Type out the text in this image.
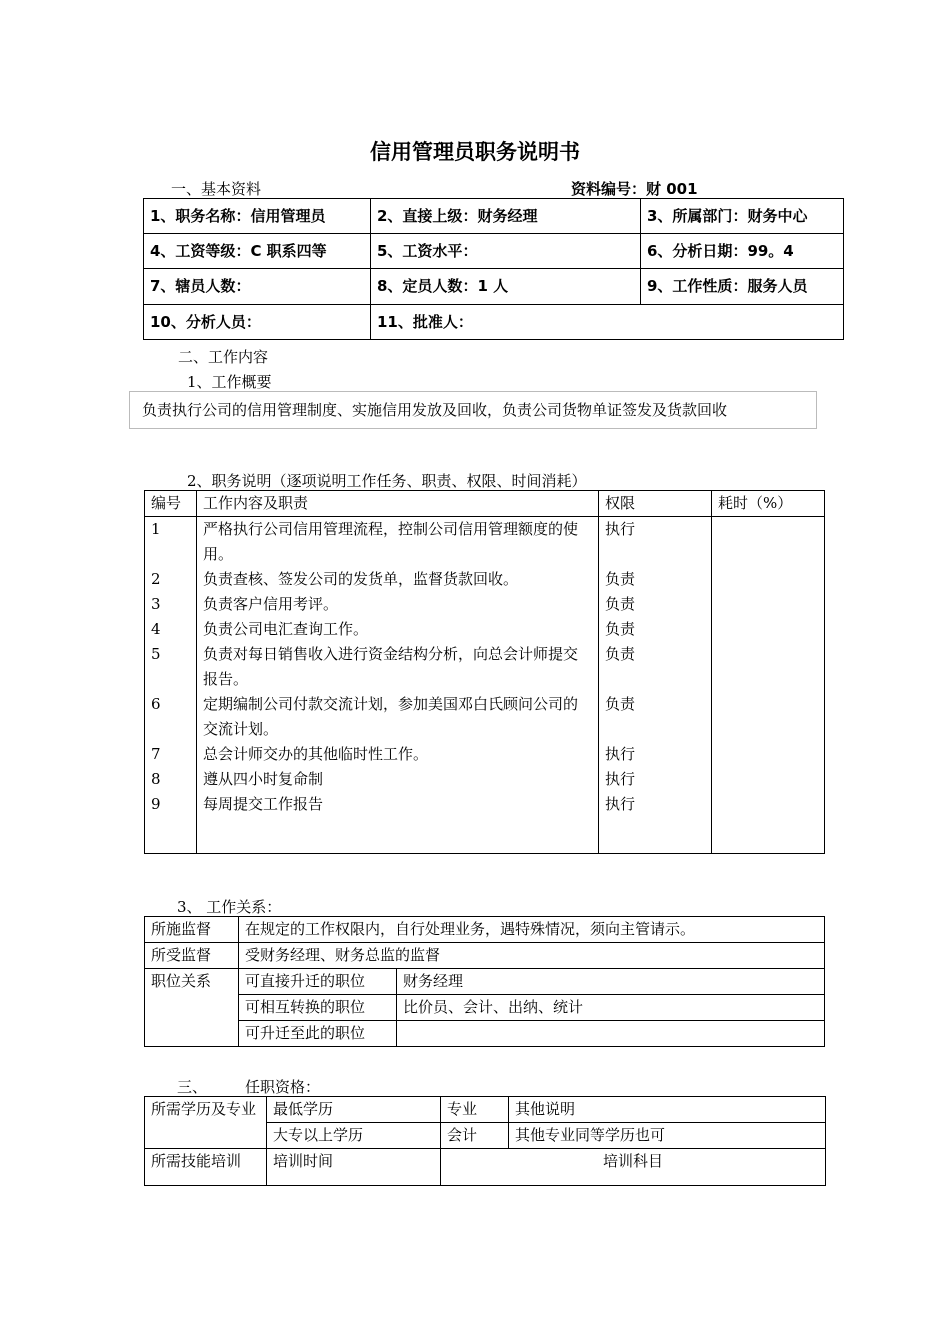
信用管理员职务说明书
一、基本资料	资料编号：财 001
1、职务名称：信用管理员	2、直接上级：财务经理	3、所属部门：财务中心
4、工资等级：C 职系四等	5、工资水平：	6、分析日期：99。4
7、辖员人数：	8、定员人数：1 人	9、工作性质：服务人员
10、分析人员：	11、批准人：	
二、工作内容
1、工作概要
负责执行公司的信用管理制度、实施信用发放及回收，负责公司货物单证签发及货款回收
2、职务说明（逐项说明工作任务、职责、权限、时间消耗）
编号	工作内容及职责	权限	耗时（%）
1	严格执行公司信用管理流程，控制公司信用管理额度的使用。	执行	
2	负责查核、签发公司的发货单，监督货款回收。	负责	
3	负责客户信用考评。	负责	
4	负责公司电汇查询工作。	负责	
5	负责对每日销售收入进行资金结构分析，向总会计师提交报告。	负责	
6	定期编制公司付款交流计划，参加美国邓白氏顾问公司的交流计划。	负责	
7	总会计师交办的其他临时性工作。	执行	
8	遵从四小时复命制	执行	
9	每周提交工作报告	执行	

3、 工作关系：
所施监督	在规定的工作权限内，自行处理业务，遇特殊情况，须向主管请示。	
所受监督	受财务经理、财务总监的监督	
职位关系	可直接升迁的职位	财务经理
	可相互转换的职位	比价员、会计、出纳、统计
	可升迁至此的职位	
三、	任职资格：
所需学历及专业	最低学历	专业	其他说明
	大专以上学历	会计	其他专业同等学历也可
所需技能培训	培训时间	培训科目	
